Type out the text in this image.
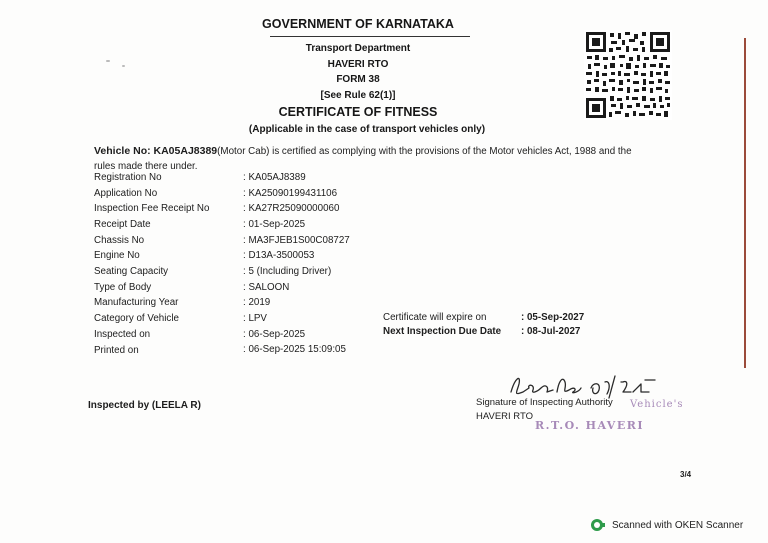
GOVERNMENT OF KARNATAKA
Transport Department
HAVERI RTO
FORM 38
[See Rule 62(1)]
CERTIFICATE OF FITNESS
(Applicable in the case of transport vehicles only)
Vehicle No: KA05AJ8389(Motor Cab) is certified as complying with the provisions of the Motor vehicles Act, 1988 and the rules made there under.
Registration No	: KA05AJ8389
Application No	: KA25090199431106
Inspection Fee Receipt No	: KA27R25090000060
Receipt Date	: 01-Sep-2025
Chassis No	: MA3FJEB1S00C08727
Engine No	: D13A-3500053
Seating Capacity	: 5 (Including Driver)
Type of Body	: SALOON
Manufacturing Year	: 2019
Category of Vehicle	: LPV
Inspected on	: 06-Sep-2025
Printed on	: 06-Sep-2025 15:09:05
Certificate will expire on	: 05-Sep-2027
Next Inspection Due Date : 08-Jul-2027
Inspected by (LEELA R)	Signature of Inspecting Authority
HAVERI RTO
Vehicle's
R.T.O. HAVERI
3/4
Scanned with OKEN Scanner
